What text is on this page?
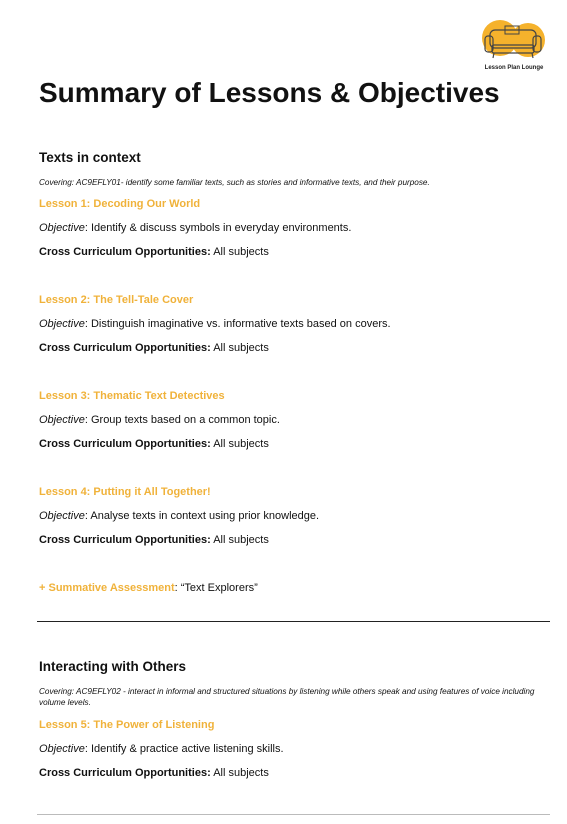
Lesson Plan Lounge
Summary of Lessons & Objectives
Texts in context
Covering: AC9EFLY01- identify some familiar texts, such as stories and informative texts, and their purpose.
Lesson 1: Decoding Our World
Objective: Identify & discuss symbols in everyday environments.
Cross Curriculum Opportunities: All subjects
Lesson 2: The Tell-Tale Cover
Objective: Distinguish imaginative vs. informative texts based on covers.
Cross Curriculum Opportunities: All subjects
Lesson 3: Thematic Text Detectives
Objective: Group texts based on a common topic.
Cross Curriculum Opportunities: All subjects
Lesson 4: Putting it All Together!
Objective: Analyse texts in context using prior knowledge.
Cross Curriculum Opportunities: All subjects
+ Summative Assessment: “Text Explorers”
Interacting with Others
Covering: AC9EFLY02 - interact in informal and structured situations by listening while others speak and using features of voice including volume levels.
Lesson 5: The Power of Listening
Objective: Identify & practice active listening skills.
Cross Curriculum Opportunities: All subjects
